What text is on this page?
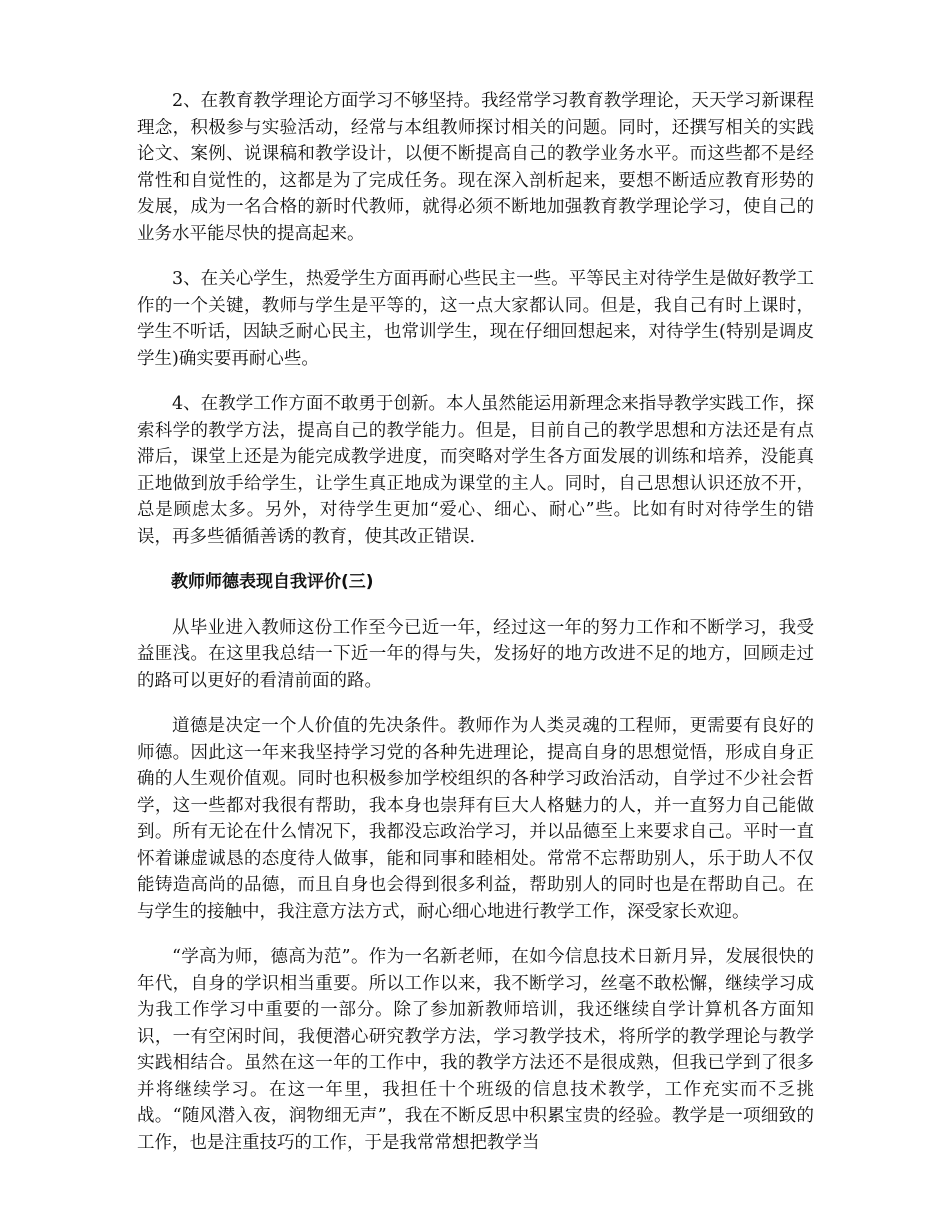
2、在教育教学理论方面学习不够坚持。我经常学习教育教学理论，天天学习新课程理念，积极参与实验活动，经常与本组教师探讨相关的问题。同时，还撰写相关的实践论文、案例、说课稿和教学设计，以便不断提高自己的教学业务水平。而这些都不是经常性和自觉性的，这都是为了完成任务。现在深入剖析起来，要想不断适应教育形势的发展，成为一名合格的新时代教师，就得必须不断地加强教育教学理论学习，使自己的业务水平能尽快的提高起来。

3、在关心学生，热爱学生方面再耐心些民主一些。平等民主对待学生是做好教学工作的一个关键，教师与学生是平等的，这一点大家都认同。但是，我自己有时上课时，学生不听话，因缺乏耐心民主，也常训学生，现在仔细回想起来，对待学生(特别是调皮学生)确实要再耐心些。

4、在教学工作方面不敢勇于创新。本人虽然能运用新理念来指导教学实践工作，探索科学的教学方法，提高自己的教学能力。但是，目前自己的教学思想和方法还是有点滞后，课堂上还是为能完成教学进度，而突略对学生各方面发展的训练和培养，没能真正地做到放手给学生，让学生真正地成为课堂的主人。同时，自己思想认识还放不开，总是顾虑太多。另外，对待学生更加“爱心、细心、耐心”些。比如有时对待学生的错误，再多些循循善诱的教育，使其改正错误.

教师师德表现自我评价(三)

从毕业进入教师这份工作至今已近一年，经过这一年的努力工作和不断学习，我受益匪浅。在这里我总结一下近一年的得与失，发扬好的地方改进不足的地方，回顾走过的路可以更好的看清前面的路。

道德是决定一个人价值的先决条件。教师作为人类灵魂的工程师，更需要有良好的师德。因此这一年来我坚持学习党的各种先进理论，提高自身的思想觉悟，形成自身正确的人生观价值观。同时也积极参加学校组织的各种学习政治活动，自学过不少社会哲学，这一些都对我很有帮助，我本身也崇拜有巨大人格魅力的人，并一直努力自己能做到。所有无论在什么情况下，我都没忘政治学习，并以品德至上来要求自己。平时一直怀着谦虚诚恳的态度待人做事，能和同事和睦相处。常常不忘帮助别人，乐于助人不仅能铸造高尚的品德，而且自身也会得到很多利益，帮助别人的同时也是在帮助自己。在与学生的接触中，我注意方法方式，耐心细心地进行教学工作，深受家长欢迎。

“学高为师，德高为范”。作为一名新老师，在如今信息技术日新月异，发展很快的年代，自身的学识相当重要。所以工作以来，我不断学习，丝毫不敢松懈，继续学习成为我工作学习中重要的一部分。除了参加新教师培训，我还继续自学计算机各方面知识，一有空闲时间，我便潜心研究教学方法，学习教学技术，将所学的教学理论与教学实践相结合。虽然在这一年的工作中，我的教学方法还不是很成熟，但我已学到了很多并将继续学习。在这一年里，我担任十个班级的信息技术教学，工作充实而不乏挑战。“随风潜入夜，润物细无声”，我在不断反思中积累宝贵的经验。教学是一项细致的工作，也是注重技巧的工作，于是我常常想把教学当
